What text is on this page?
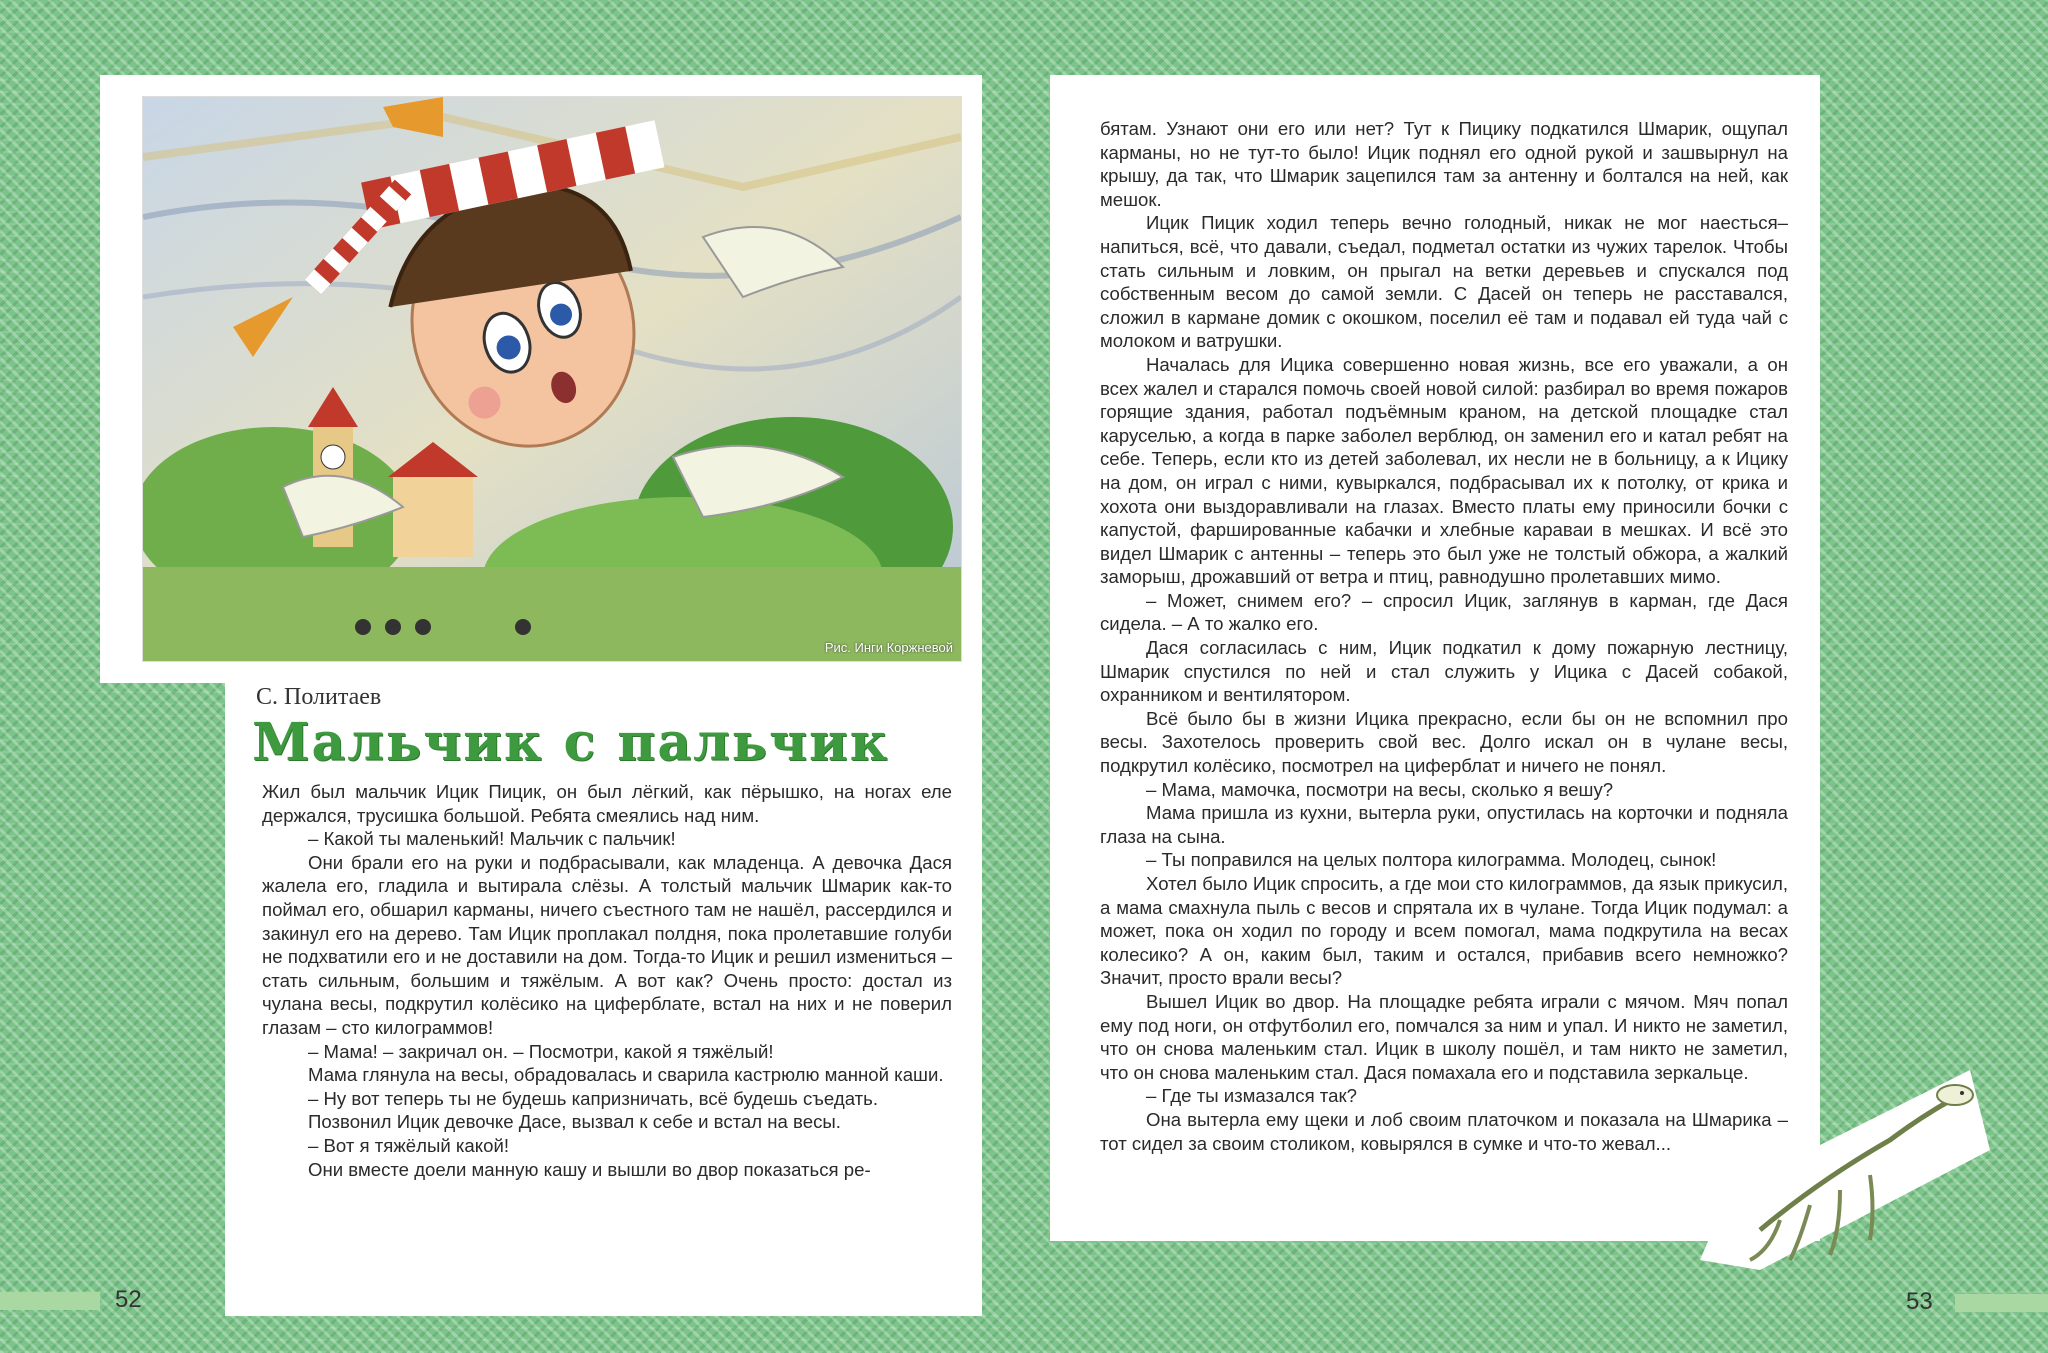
Рис. Инги Коржневой
С. Политаев
Мальчик с пальчик

Жил был мальчик Ицик Пицик, он был лёгкий, как пёрышко, на ногах еле держался, трусишка большой. Ребята смеялись над ним.

– Какой ты маленький! Мальчик с пальчик!

Они брали его на руки и подбрасывали, как младенца. А девочка Дася жалела его, гладила и вытирала слёзы. А толстый мальчик Шмарик как-то поймал его, обшарил карманы, ничего съестного там не нашёл, рассердился и закинул его на дерево. Там Ицик проплакал полдня, пока пролетавшие голуби не подхватили его и не доставили на дом. Тогда-то Ицик и решил измениться – стать сильным, большим и тяжёлым. А вот как? Очень просто: достал из чулана весы, подкрутил колёсико на циферблате, встал на них и не поверил глазам – сто килограммов!

– Мама! – закричал он. – Посмотри, какой я тяжёлый!

Мама глянула на весы, обрадовалась и сварила кастрюлю манной каши.

– Ну вот теперь ты не будешь капризничать, всё будешь съедать.

Позвонил Ицик девочке Дасе, вызвал к себе и встал на весы.

– Вот я тяжёлый какой!

Они вместе доели манную кашу и вышли во двор показаться ре-

бятам. Узнают они его или нет? Тут к Пицику подкатился Шмарик, ощупал карманы, но не тут-то было! Ицик поднял его одной рукой и зашвырнул на крышу, да так, что Шмарик зацепился там за антенну и болтался на ней, как мешок.

Ицик Пицик ходил теперь вечно голодный, никак не мог наесться– напиться, всё, что давали, съедал, подметал остатки из чужих тарелок. Чтобы стать сильным и ловким, он прыгал на ветки деревьев и спускался под собственным весом до самой земли. С Дасей он теперь не расставался, сложил в кармане домик с окошком, поселил её там и подавал ей туда чай с молоком и ватрушки.

Началась для Ицика совершенно новая жизнь, все его уважали, а он всех жалел и старался помочь своей новой силой: разбирал во время пожаров горящие здания, работал подъёмным краном, на детской площадке стал каруселью, а когда в парке заболел верблюд, он заменил его и катал ребят на себе. Теперь, если кто из детей заболевал, их несли не в больницу, а к Ицику на дом, он играл с ними, кувыркался, подбрасывал их к потолку, от крика и хохота они выздоравливали на глазах. Вместо платы ему приносили бочки с капустой, фаршированные кабачки и хлебные караваи в мешках. И всё это видел Шмарик с антенны – теперь это был уже не толстый обжора, а жалкий заморыш, дрожавший от ветра и птиц, равнодушно пролетавших мимо.

– Может, снимем его? – спросил Ицик, заглянув в карман, где Дася сидела. – А то жалко его.

Дася согласилась с ним, Ицик подкатил к дому пожарную лестницу, Шмарик спустился по ней и стал служить у Ицика с Дасей собакой, охранником и вентилятором.

Всё было бы в жизни Ицика прекрасно, если бы он не вспомнил про весы. Захотелось проверить свой вес. Долго искал он в чулане весы, подкрутил колёсико, посмотрел на циферблат и ничего не понял.

– Мама, мамочка, посмотри на весы, сколько я вешу?

Мама пришла из кухни, вытерла руки, опустилась на корточки и подняла глаза на сына.

– Ты поправился на целых полтора килограмма. Молодец, сынок!

Хотел было Ицик спросить, а где мои сто килограммов, да язык прикусил, а мама смахнула пыль с весов и спрятала их в чулане. Тогда Ицик подумал: а может, пока он ходил по городу и всем помогал, мама подкрутила на весах колесико? А он, каким был, таким и остался, прибавив всего немножко? Значит, просто врали весы?

Вышел Ицик во двор. На площадке ребята играли с мячом. Мяч попал ему под ноги, он отфутболил его, помчался за ним и упал. И никто не заметил, что он снова маленьким стал. Ицик в школу пошёл, и там никто не заметил, что он снова маленьким стал. Дася помахала его и подставила зеркальце.

– Где ты измазался так?

Она вытерла ему щеки и лоб своим платочком и показала на Шмарика – тот сидел за своим столиком, ковырялся в сумке и что-то жевал...

52	53
